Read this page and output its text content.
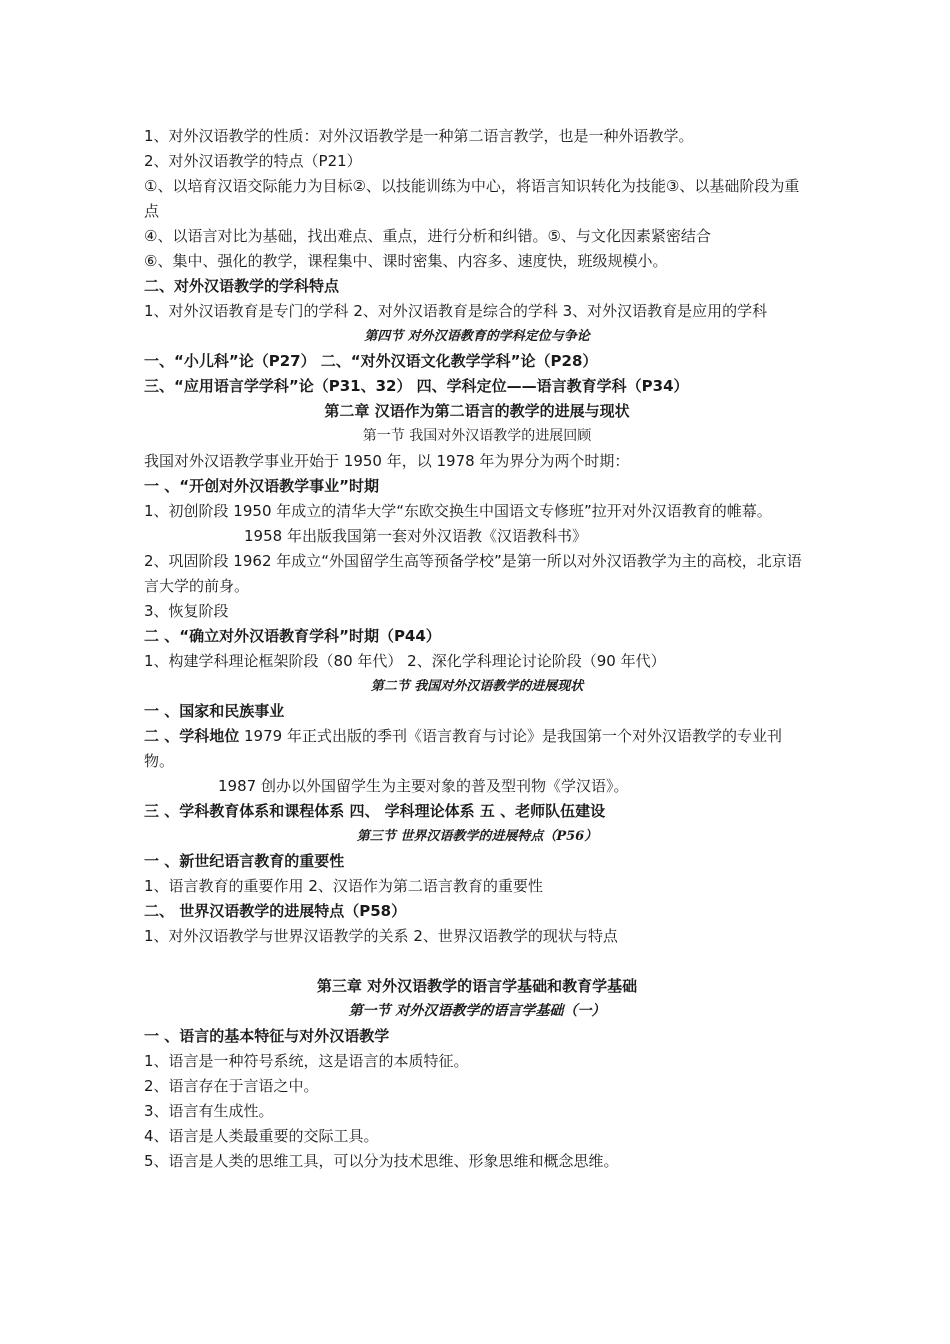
1、对外汉语教学的性质：对外汉语教学是一种第二语言教学，也是一种外语教学。

2、对外汉语教学的特点（P21）

①、以培育汉语交际能力为目标②、以技能训练为中心，将语言知识转化为技能③、以基础阶段为重点

④、以语言对比为基础，找出难点、重点，进行分析和纠错。⑤、与文化因素紧密结合

⑥、集中、强化的教学，课程集中、课时密集、内容多、速度快，班级规模小。

二、对外汉语教学的学科特点

1、对外汉语教育是专门的学科 2、对外汉语教育是综合的学科 3、对外汉语教育是应用的学科

第四节 对外汉语教育的学科定位与争论

一、“小儿科”论（P27） 二、“对外汉语文化教学学科”论（P28）

三、“应用语言学学科”论（P31、32） 四、学科定位——语言教育学科（P34）

第二章 汉语作为第二语言的教学的进展与现状

第一节 我国对外汉语教学的进展回顾

我国对外汉语教学事业开始于 1950 年，以 1978 年为界分为两个时期：

一 、“开创对外汉语教学事业”时期

1、初创阶段 1950 年成立的清华大学“东欧交换生中国语文专修班”拉开对外汉语教育的帷幕。

1958 年出版我国第一套对外汉语教《汉语教科书》

2、巩固阶段 1962 年成立“外国留学生高等预备学校”是第一所以对外汉语教学为主的高校，北京语言大学的前身。

3、恢复阶段

二 、“确立对外汉语教育学科”时期（P44）

1、构建学科理论框架阶段（80 年代） 2、深化学科理论讨论阶段（90 年代）

第二节 我国对外汉语教学的进展现状

一 、国家和民族事业

二 、学科地位 1979 年正式出版的季刊《语言教育与讨论》是我国第一个对外汉语教学的专业刊物。

1987 创办以外国留学生为主要对象的普及型刊物《学汉语》。

三 、学科教育体系和课程体系 四、 学科理论体系 五 、老师队伍建设

第三节 世界汉语教学的进展特点（P56）

一 、新世纪语言教育的重要性

1、语言教育的重要作用 2、汉语作为第二语言教育的重要性

二、 世界汉语教学的进展特点（P58）

1、对外汉语教学与世界汉语教学的关系 2、世界汉语教学的现状与特点

第三章 对外汉语教学的语言学基础和教育学基础

第一节 对外汉语教学的语言学基础（一）

一 、语言的基本特征与对外汉语教学

1、语言是一种符号系统，这是语言的本质特征。

2、语言存在于言语之中。

3、语言有生成性。

4、语言是人类最重要的交际工具。

5、语言是人类的思维工具，可以分为技术思维、形象思维和概念思维。
